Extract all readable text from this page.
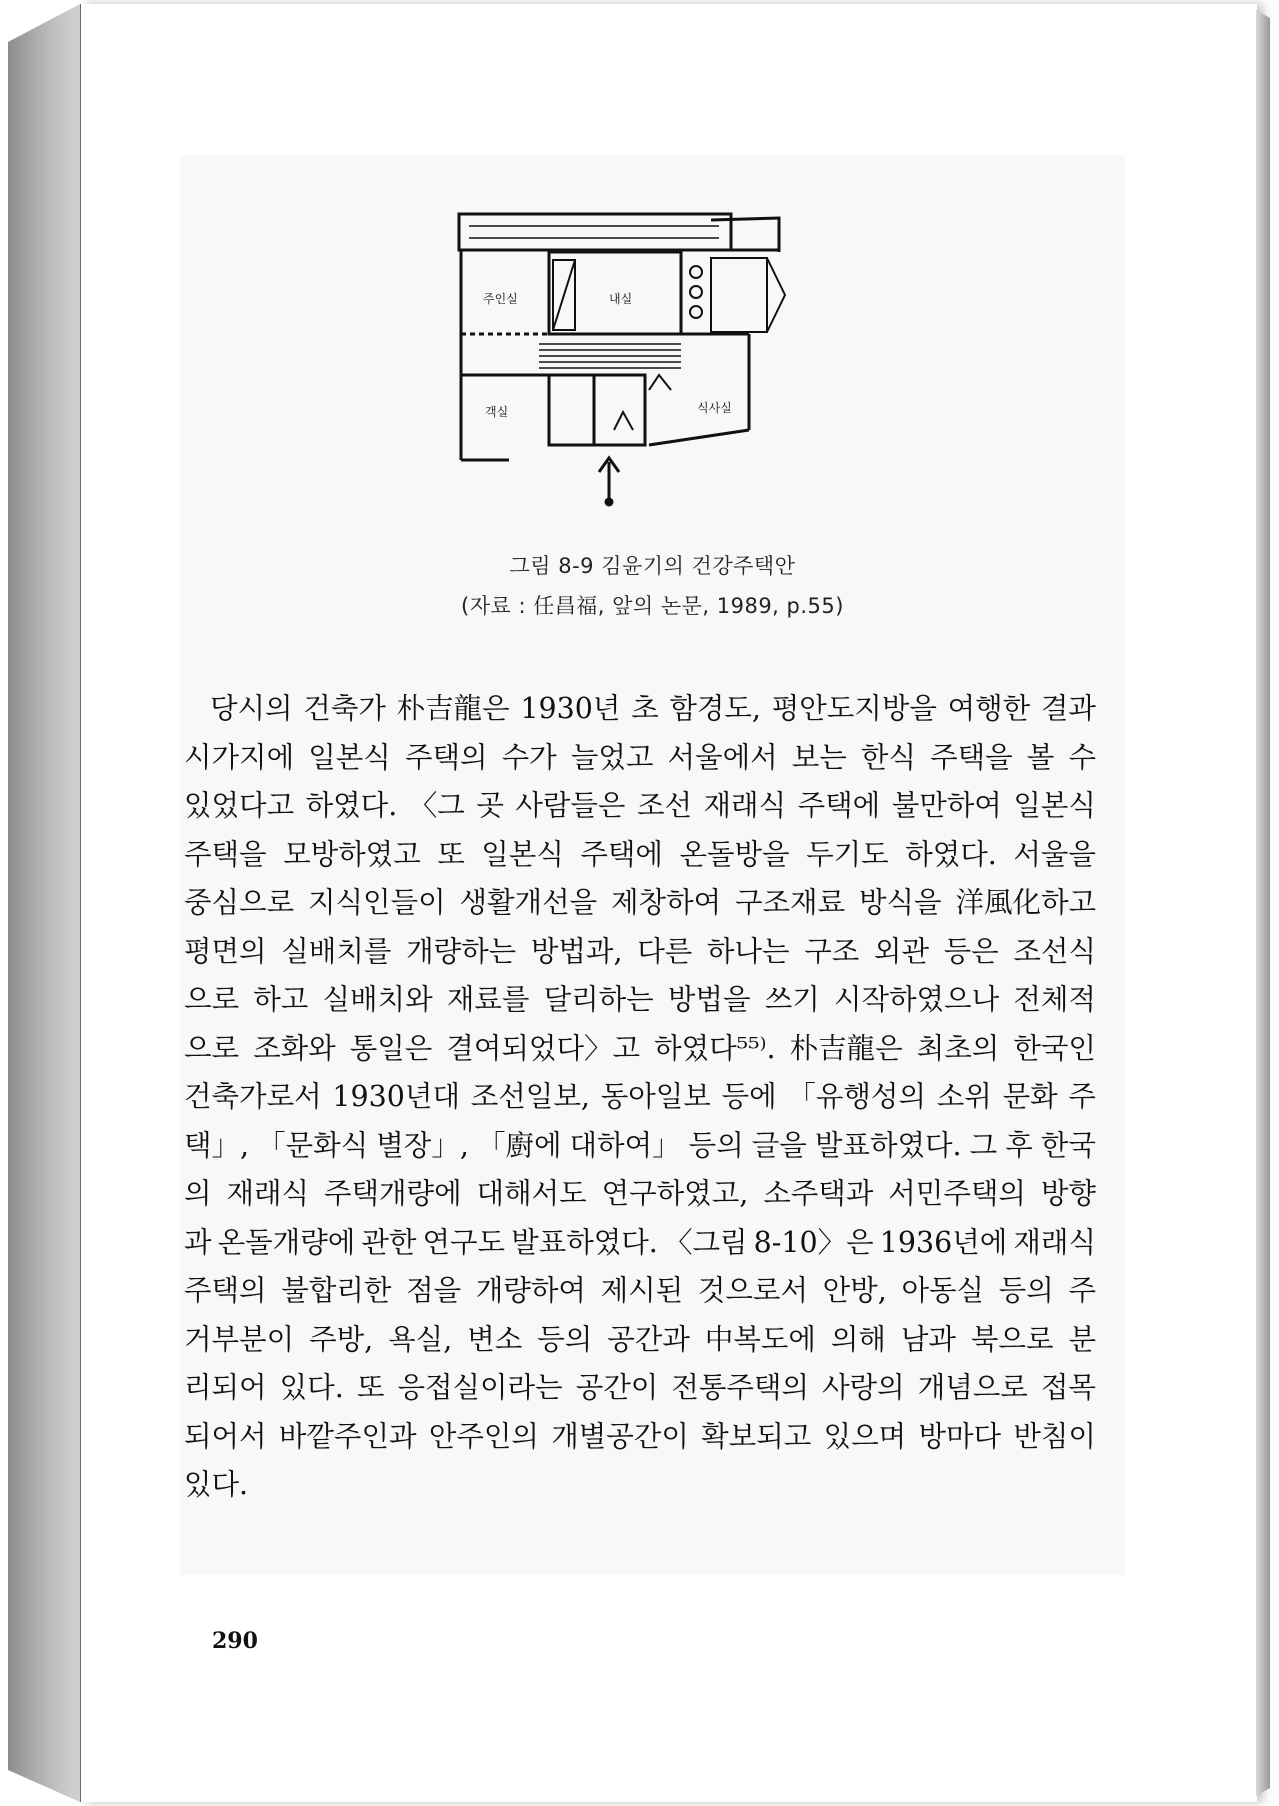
주인실	내실
객실	식사실
그림 8-9 김윤기의 건강주택안
(자료 : 任昌福, 앞의 논문, 1989, p.55)
당시의 건축가 朴吉龍은 1930년 초 함경도, 평안도지방을 여행한 결과
시가지에 일본식 주택의 수가 늘었고 서울에서 보는 한식 주택을 볼 수
있었다고 하였다. 〈그 곳 사람들은 조선 재래식 주택에 불만하여 일본식
주택을 모방하였고 또 일본식 주택에 온돌방을 두기도 하였다. 서울을
중심으로 지식인들이 생활개선을 제창하여 구조재료 방식을 洋風化하고
평면의 실배치를 개량하는 방법과, 다른 하나는 구조 외관 등은 조선식
으로 하고 실배치와 재료를 달리하는 방법을 쓰기 시작하였으나 전체적
으로 조화와 통일은 결여되었다〉고 하였다⁵⁵⁾. 朴吉龍은 최초의 한국인
건축가로서 1930년대 조선일보, 동아일보 등에 「유행성의 소위 문화 주
택」, 「문화식 별장」, 「廚에 대하여」 등의 글을 발표하였다. 그 후 한국
의 재래식 주택개량에 대해서도 연구하였고, 소주택과 서민주택의 방향
과 온돌개량에 관한 연구도 발표하였다. 〈그림 8-10〉은 1936년에 재래식
주택의 불합리한 점을 개량하여 제시된 것으로서 안방, 아동실 등의 주
거부분이 주방, 욕실, 변소 등의 공간과 中복도에 의해 남과 북으로 분
리되어 있다. 또 응접실이라는 공간이 전통주택의 사랑의 개념으로 접목
되어서 바깥주인과 안주인의 개별공간이 확보되고 있으며 방마다 반침이
있다.
290
